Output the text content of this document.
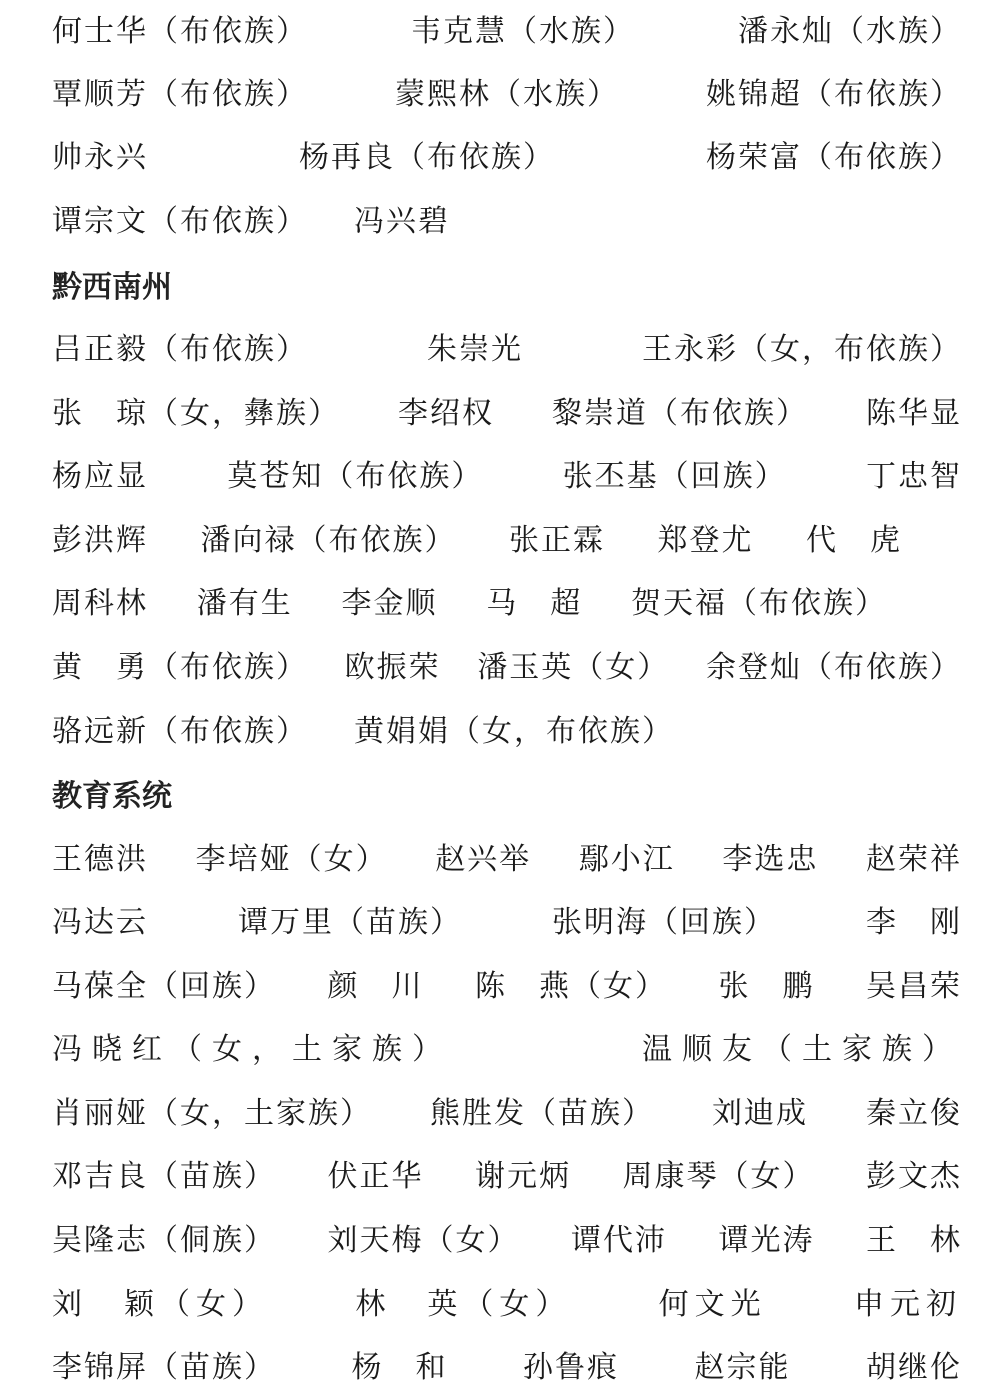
何士华（布依族）	韦克慧（水族）	潘永灿（水族）
覃顺芳（布依族）	蒙熙林（水族）	姚锦超（布依族）
帅永兴	杨再良（布依族）	杨荣富（布依族）
谭宗文（布依族） 冯兴碧
黔西南州
吕正毅（布依族）	朱崇光	王永彩（女，布依族）
张　琼（女，彝族） 李绍权 黎崇道（布依族） 陈华显
杨应显	莫苍知（布依族）	张丕基（回族）	丁忠智
彭洪辉 潘向禄（布依族） 张正霖 郑登尤 代　虎
周科林 潘有生 李金顺 马　超 贺天福（布依族）
黄　勇（布依族） 欧振荣 潘玉英（女） 余登灿（布依族）
骆远新（布依族） 黄娟娟（女，布依族）
教育系统
王德洪 李培娅（女） 赵兴举 鄢小江 李选忠 赵荣祥
冯达云	谭万里（苗族）	张明海（回族）	李　刚
马葆全（回族） 颜　川 陈　燕（女） 张　鹏 吴昌荣
冯晓红（女，土家族）	温顺友（土家族）
肖丽娅（女，土家族） 熊胜发（苗族） 刘迪成 秦立俊
邓吉良（苗族） 伏正华 谢元炳 周康琴（女） 彭文杰
吴隆志（侗族） 刘天梅（女） 谭代沛 谭光涛 王　林
刘　颖（女）	林　英（女）	何文光	申元初
李锦屏（苗族）	杨　和	孙鲁痕	赵宗能	胡继伦
